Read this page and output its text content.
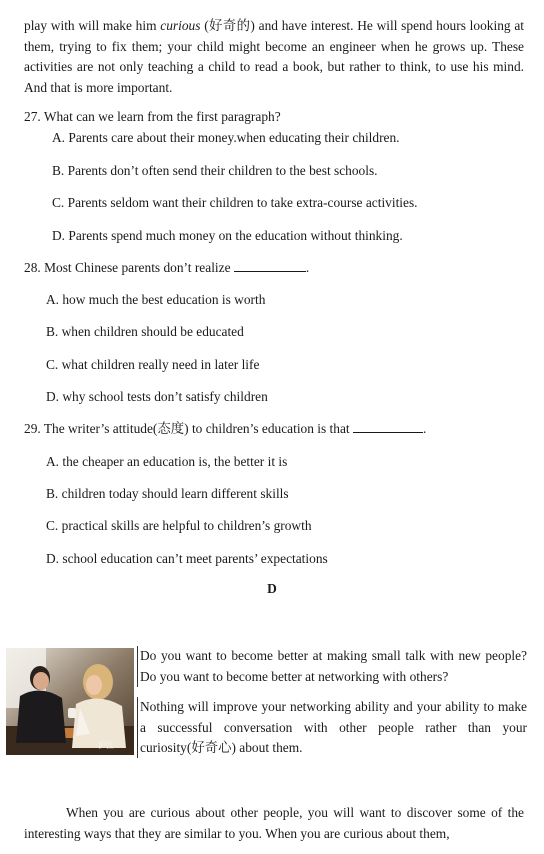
play with will make him curious (好奇的) and have interest. He will spend hours looking at them, trying to fix them; your child might become an engineer when he grows up. These activities are not only teaching a child to read a book, but rather to think, to use his mind. And that is more important.
27. What can we learn from the first paragraph?
A. Parents care about their money.when educating their children.
B. Parents don’t often send their children to the best schools.
C. Parents seldom want their children to take extra-course activities.
D. Parents spend much money on the education without thinking.
28. Most Chinese parents don’t realize	.
A. how much the best education is worth
B. when children should be educated
C. what children really need in later life
D. why school tests don’t satisfy children
29. The writer’s attitude(态度) to children’s education is that	.
A. the cheaper an education is, the better it is
B. children today should learn different skills
C. practical skills are helpful to children’s growth
D. school education can’t meet parents’ expectations
D
沪江
Do you want to become better at making small talk with new people? Do you want to become better at networking with others?
Nothing will improve your networking ability and your ability to make a successful conversation with other people rather than your curiosity(好奇心) about them.
When you are curious about other people, you will want to discover some of the interesting ways that they are similar to you. When you are curious about them,
